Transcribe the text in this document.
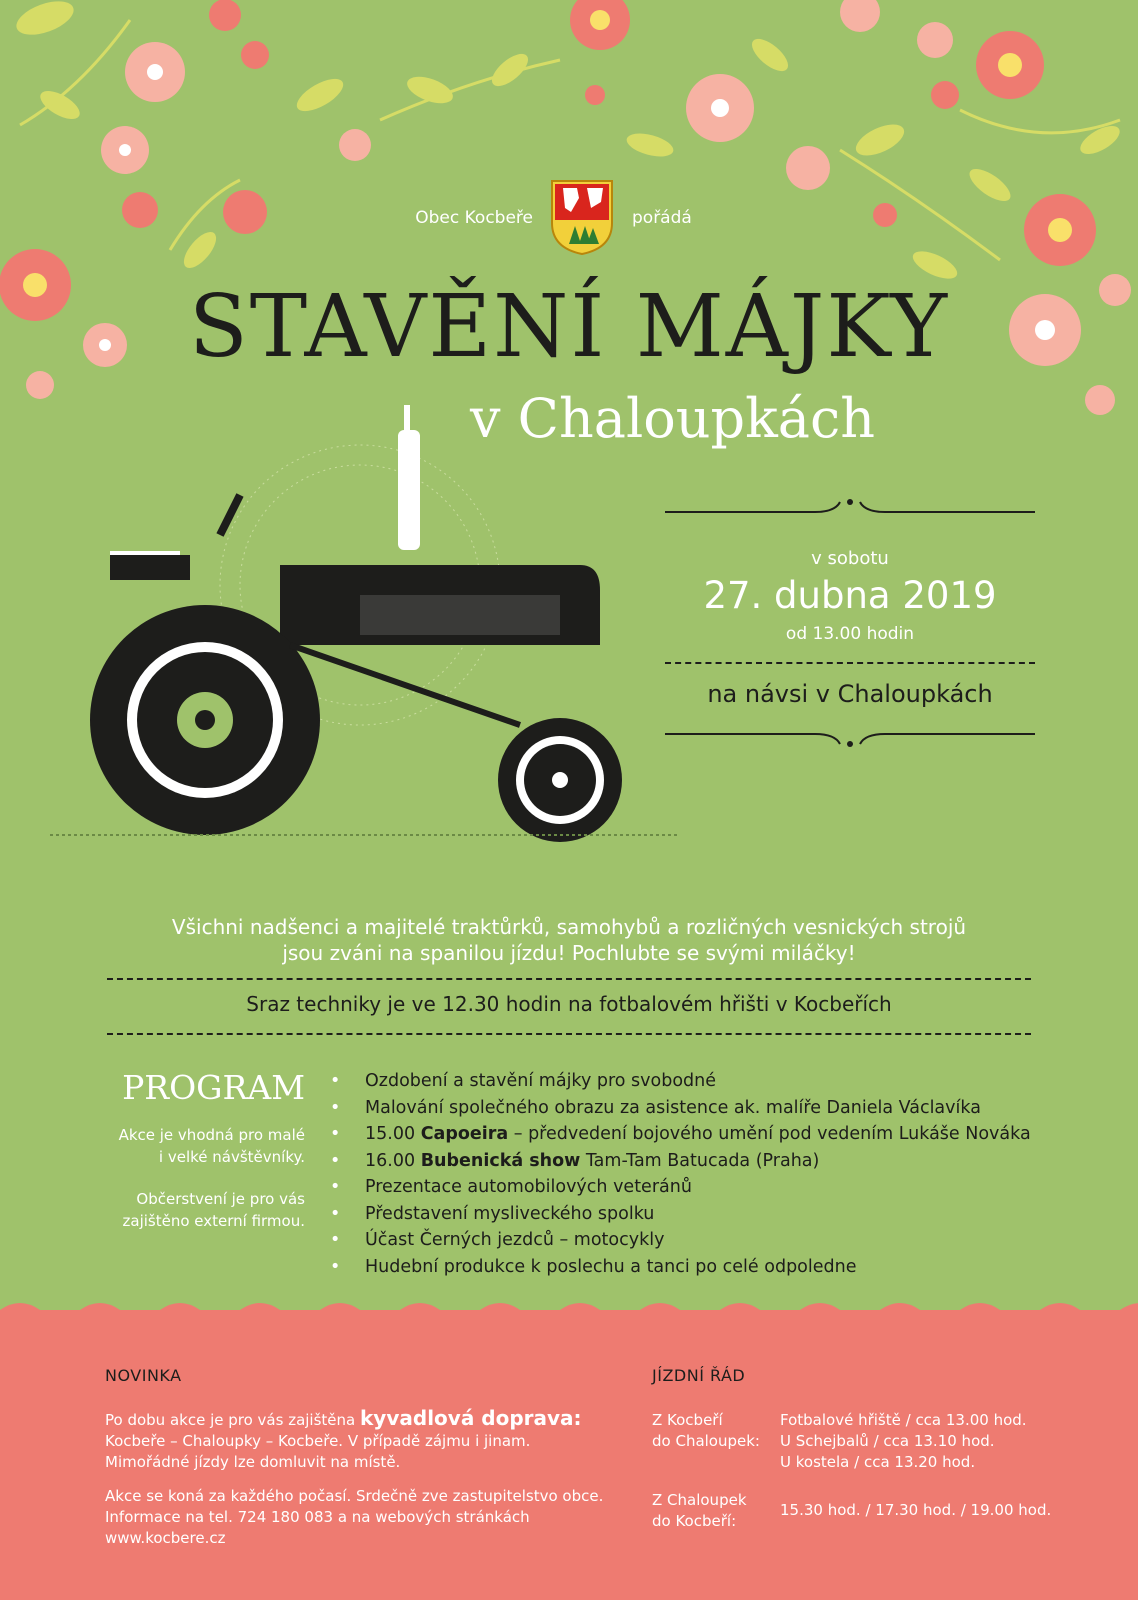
Obec Kocbeře	pořádá
STAVĚNÍ MÁJKY
v Chaloupkách
v sobotu
27. dubna 2019
od 13.00 hodin
na návsi v Chaloupkách
Všichni nadšenci a majitelé traktůrků, samohybů a rozličných vesnických strojů
jsou zváni na spanilou jízdu! Pochlubte se svými miláčky!
Sraz techniky je ve 12.30 hodin na fotbalovém hřišti v Kocbeřích
PROGRAM
Akce je vhodná pro malé
i velké návštěvníky.
Občerstvení je pro vás
zajištěno externí firmou.
• Ozdobení a stavění májky pro svobodné
• Malování společného obrazu za asistence ak. malíře Daniela Václavíka
• 15.00 Capoeira – předvedení bojového umění pod vedením Lukáše Nováka
• 16.00 Bubenická show Tam-Tam Batucada (Praha)
• Prezentace automobilových veteránů
• Představení mysliveckého spolku
• Účast Černých jezdců – motocykly
• Hudební produkce k poslechu a tanci po celé odpoledne
NOVINKA
Po dobu akce je pro vás zajištěna kyvadlová doprava:
Kocbeře – Chaloupky – Kocbeře. V případě zájmu i jinam.
Mimořádné jízdy lze domluvit na místě.
Akce se koná za každého počasí. Srdečně zve zastupitelstvo obce.
Informace na tel. 724 180 083 a na webových stránkách
www.kocbere.cz
JÍZDNÍ ŘÁD
Z Kocbeří
do Chaloupek:
Fotbalové hřiště / cca 13.00 hod.
U Schejbalů / cca 13.10 hod.
U kostela / cca 13.20 hod.
Z Chaloupek
do Kocbeří:
15.30 hod. / 17.30 hod. / 19.00 hod.
